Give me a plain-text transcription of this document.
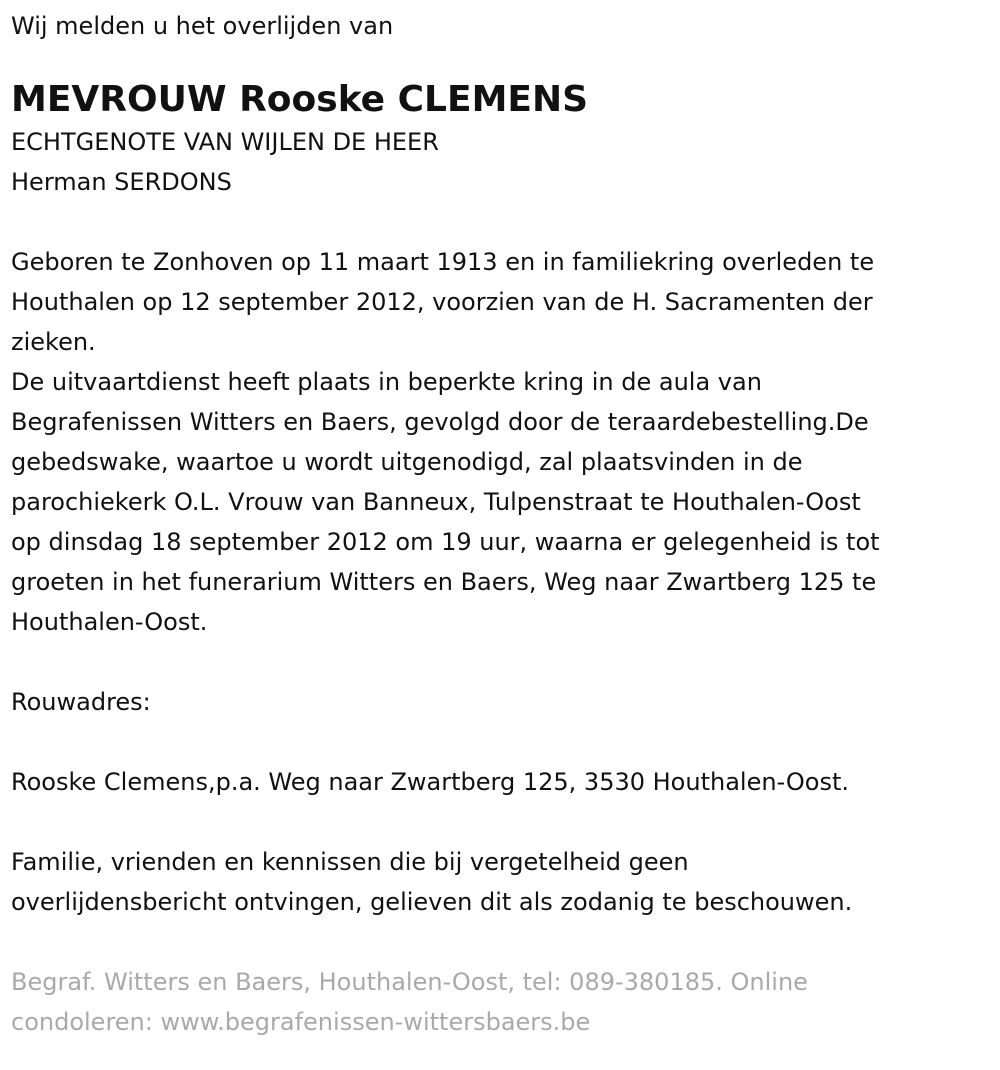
Wij melden u het overlijden van

MEVROUW Rooske CLEMENS

ECHTGENOTE VAN WIJLEN DE HEER

Herman SERDONS

Geboren te Zonhoven op 11 maart 1913 en in familiekring overleden te

Houthalen op 12 september 2012, voorzien van de H. Sacramenten der

zieken.

De uitvaartdienst heeft plaats in beperkte kring in de aula van

Begrafenissen Witters en Baers, gevolgd door de teraardebestelling.De

gebedswake, waartoe u wordt uitgenodigd, zal plaatsvinden in de

parochiekerk O.L. Vrouw van Banneux, Tulpenstraat te Houthalen-Oost

op dinsdag 18 september 2012 om 19 uur, waarna er gelegenheid is tot

groeten in het funerarium Witters en Baers, Weg naar Zwartberg 125 te

Houthalen-Oost.

Rouwadres:

Rooske Clemens,p.a. Weg naar Zwartberg 125, 3530 Houthalen-Oost.

Familie, vrienden en kennissen die bij vergetelheid geen

overlijdensbericht ontvingen, gelieven dit als zodanig te beschouwen.

Begraf. Witters en Baers, Houthalen-Oost, tel: 089-380185. Online

condoleren: www.begrafenissen-wittersbaers.be
